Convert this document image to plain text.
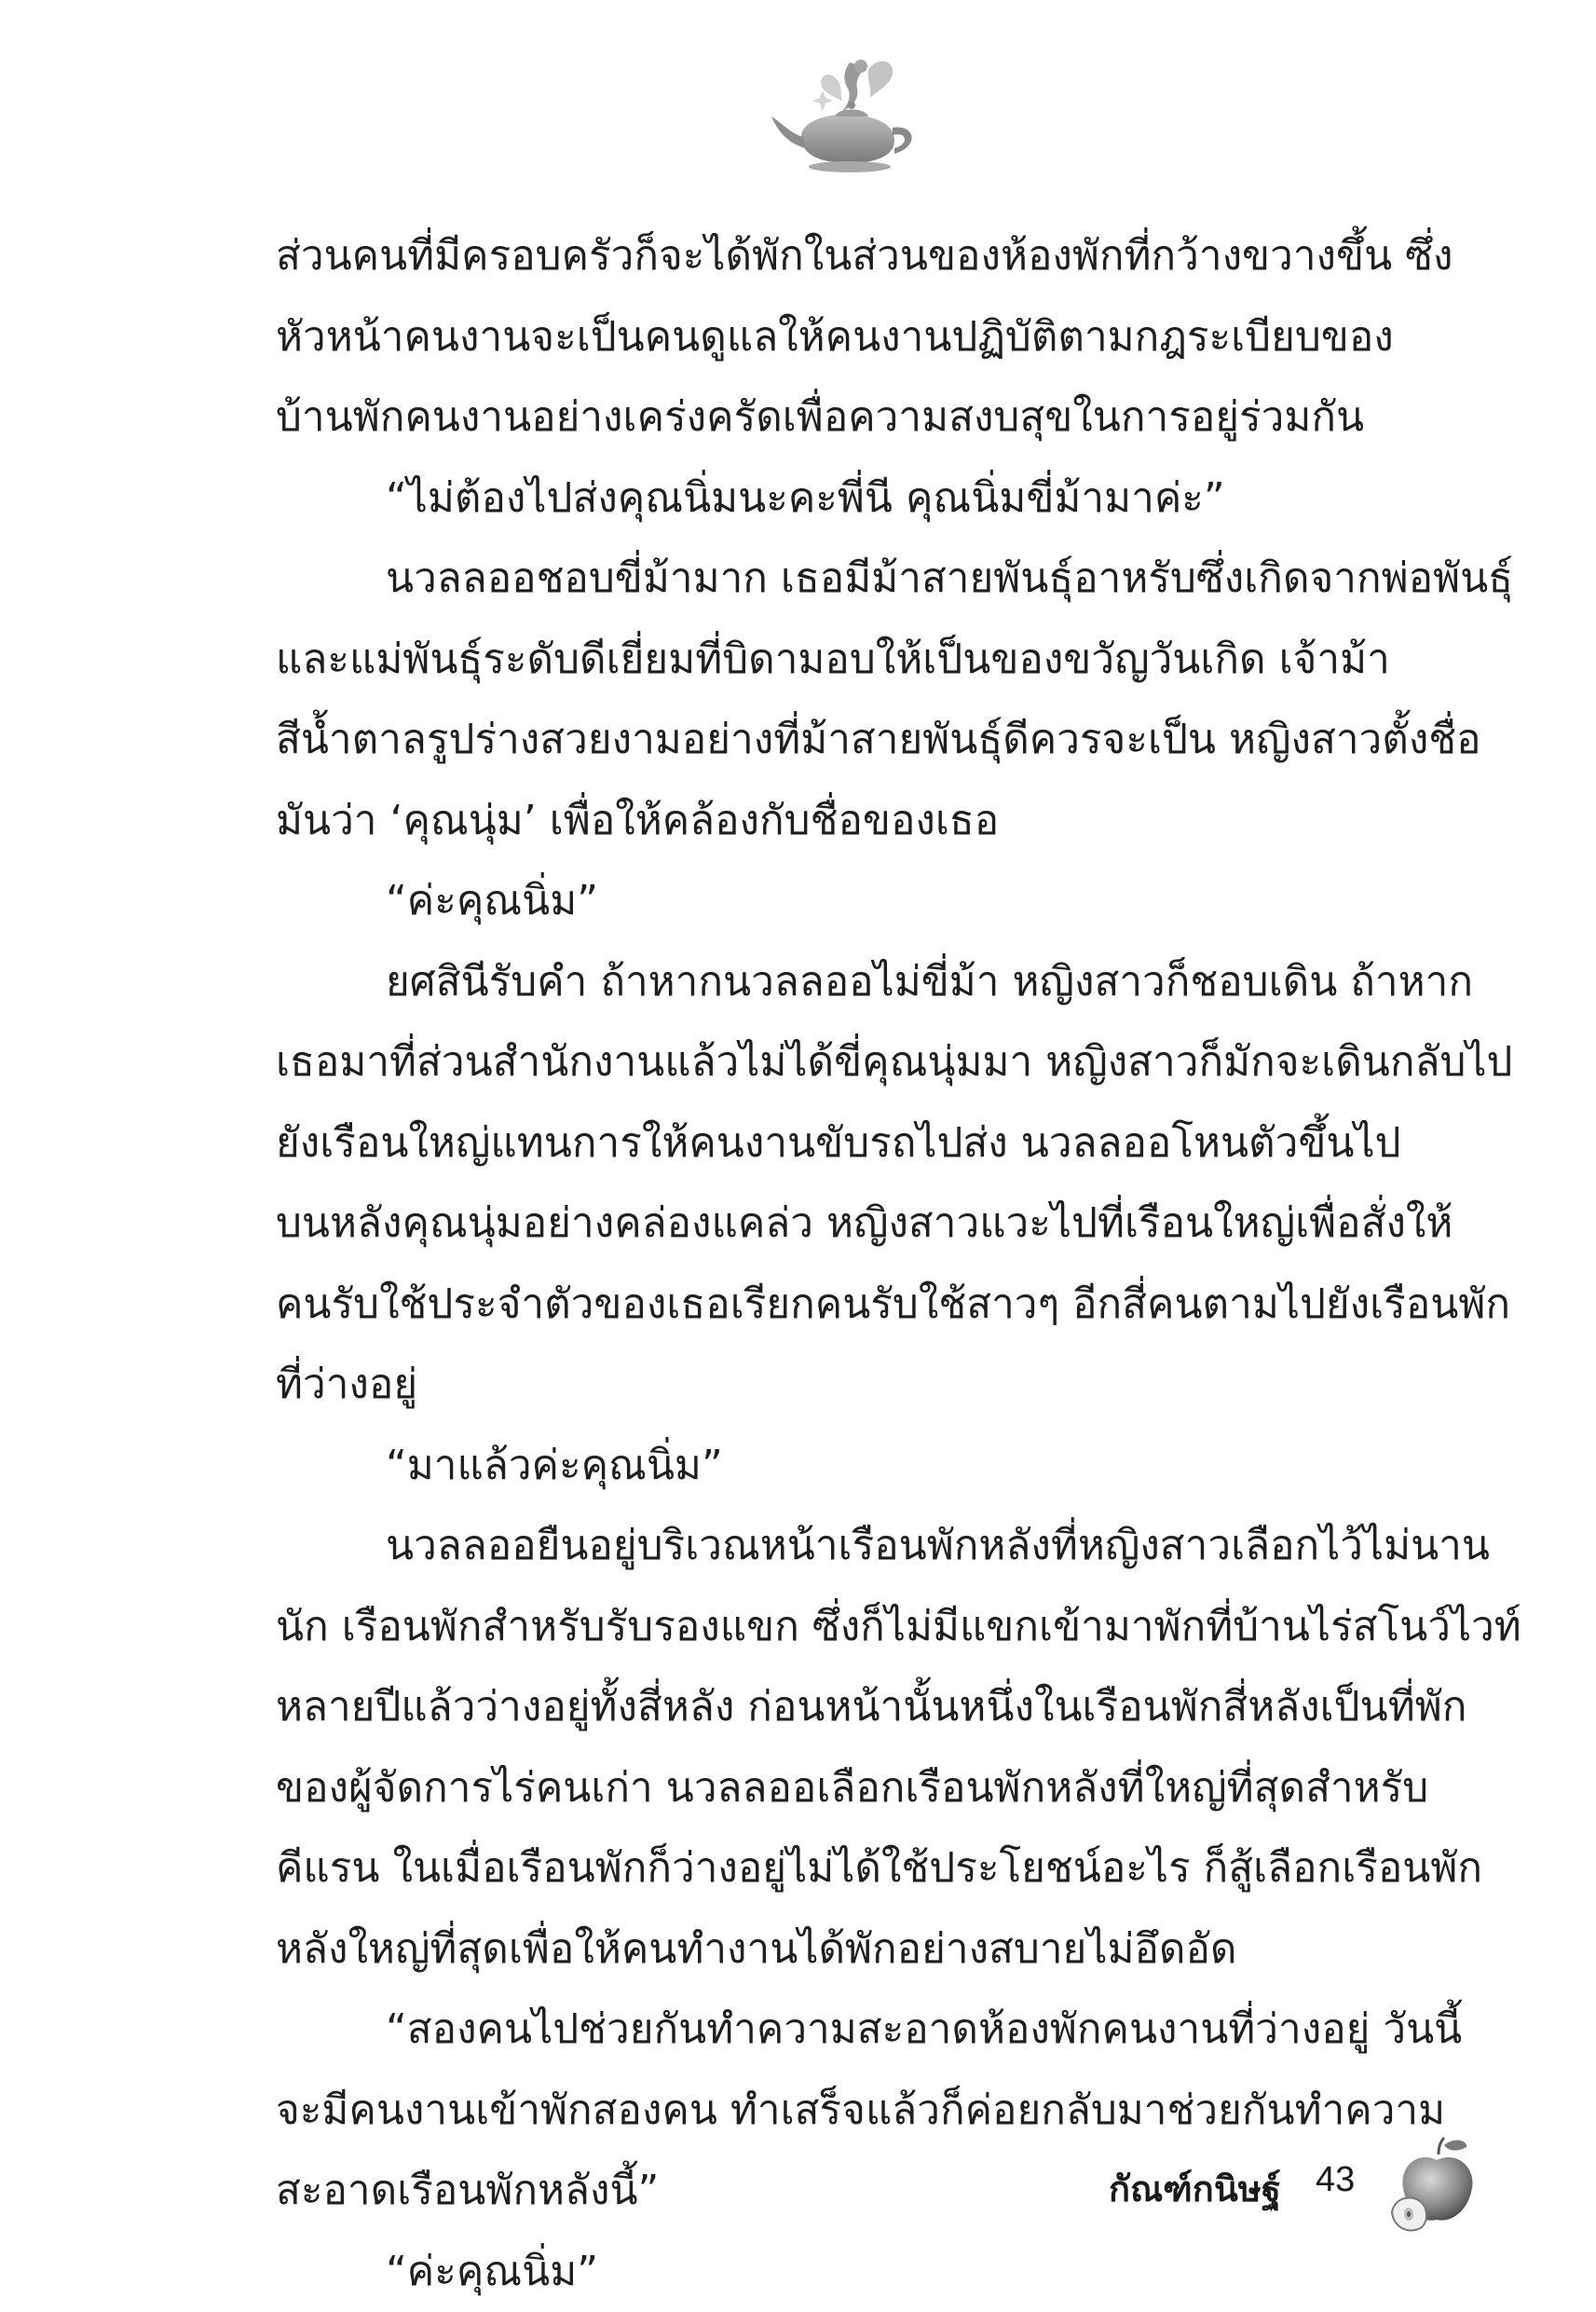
ส่วนคนที่มีครอบครัวก็จะได้พักในส่วนของห้องพักที่กว้างขวางขึ้น ซึ่ง
หัวหน้าคนงานจะเป็นคนดูแลให้คนงานปฏิบัติตามกฎระเบียบของ
บ้านพักคนงานอย่างเคร่งครัดเพื่อความสงบสุขในการอยู่ร่วมกัน
“ไม่ต้องไปส่งคุณนิ่มนะคะพี่นี คุณนิ่มขี่ม้ามาค่ะ”
นวลลออชอบขี่ม้ามาก เธอมีม้าสายพันธุ์อาหรับซึ่งเกิดจากพ่อพันธุ์
และแม่พันธุ์ระดับดีเยี่ยมที่บิดามอบให้เป็นของขวัญวันเกิด เจ้าม้า
สีน้ำตาลรูปร่างสวยงามอย่างที่ม้าสายพันธุ์ดีควรจะเป็น หญิงสาวตั้งชื่อ
มันว่า ‘คุณนุ่ม’ เพื่อให้คล้องกับชื่อของเธอ
“ค่ะคุณนิ่ม”
ยศสินีรับคำ ถ้าหากนวลลออไม่ขี่ม้า หญิงสาวก็ชอบเดิน ถ้าหาก
เธอมาที่ส่วนสำนักงานแล้วไม่ได้ขี่คุณนุ่มมา หญิงสาวก็มักจะเดินกลับไป
ยังเรือนใหญ่แทนการให้คนงานขับรถไปส่ง นวลลออโหนตัวขึ้นไป
บนหลังคุณนุ่มอย่างคล่องแคล่ว หญิงสาวแวะไปที่เรือนใหญ่เพื่อสั่งให้
คนรับใช้ประจำตัวของเธอเรียกคนรับใช้สาวๆ อีกสี่คนตามไปยังเรือนพัก
ที่ว่างอยู่
“มาแล้วค่ะคุณนิ่ม”
นวลลออยืนอยู่บริเวณหน้าเรือนพักหลังที่หญิงสาวเลือกไว้ไม่นาน
นัก เรือนพักสำหรับรับรองแขก ซึ่งก็ไม่มีแขกเข้ามาพักที่บ้านไร่สโนว์ไวท์
หลายปีแล้วว่างอยู่ทั้งสี่หลัง ก่อนหน้านั้นหนึ่งในเรือนพักสี่หลังเป็นที่พัก
ของผู้จัดการไร่คนเก่า นวลลออเลือกเรือนพักหลังที่ใหญ่ที่สุดสำหรับ
คีแรน ในเมื่อเรือนพักก็ว่างอยู่ไม่ได้ใช้ประโยชน์อะไร ก็สู้เลือกเรือนพัก
หลังใหญ่ที่สุดเพื่อให้คนทำงานได้พักอย่างสบายไม่อึดอัด
“สองคนไปช่วยกันทำความสะอาดห้องพักคนงานที่ว่างอยู่ วันนี้
จะมีคนงานเข้าพักสองคน ทำเสร็จแล้วก็ค่อยกลับมาช่วยกันทำความ
สะอาดเรือนพักหลังนี้”
“ค่ะคุณนิ่ม”
กัณฑ์กนิษฐ์ 43
